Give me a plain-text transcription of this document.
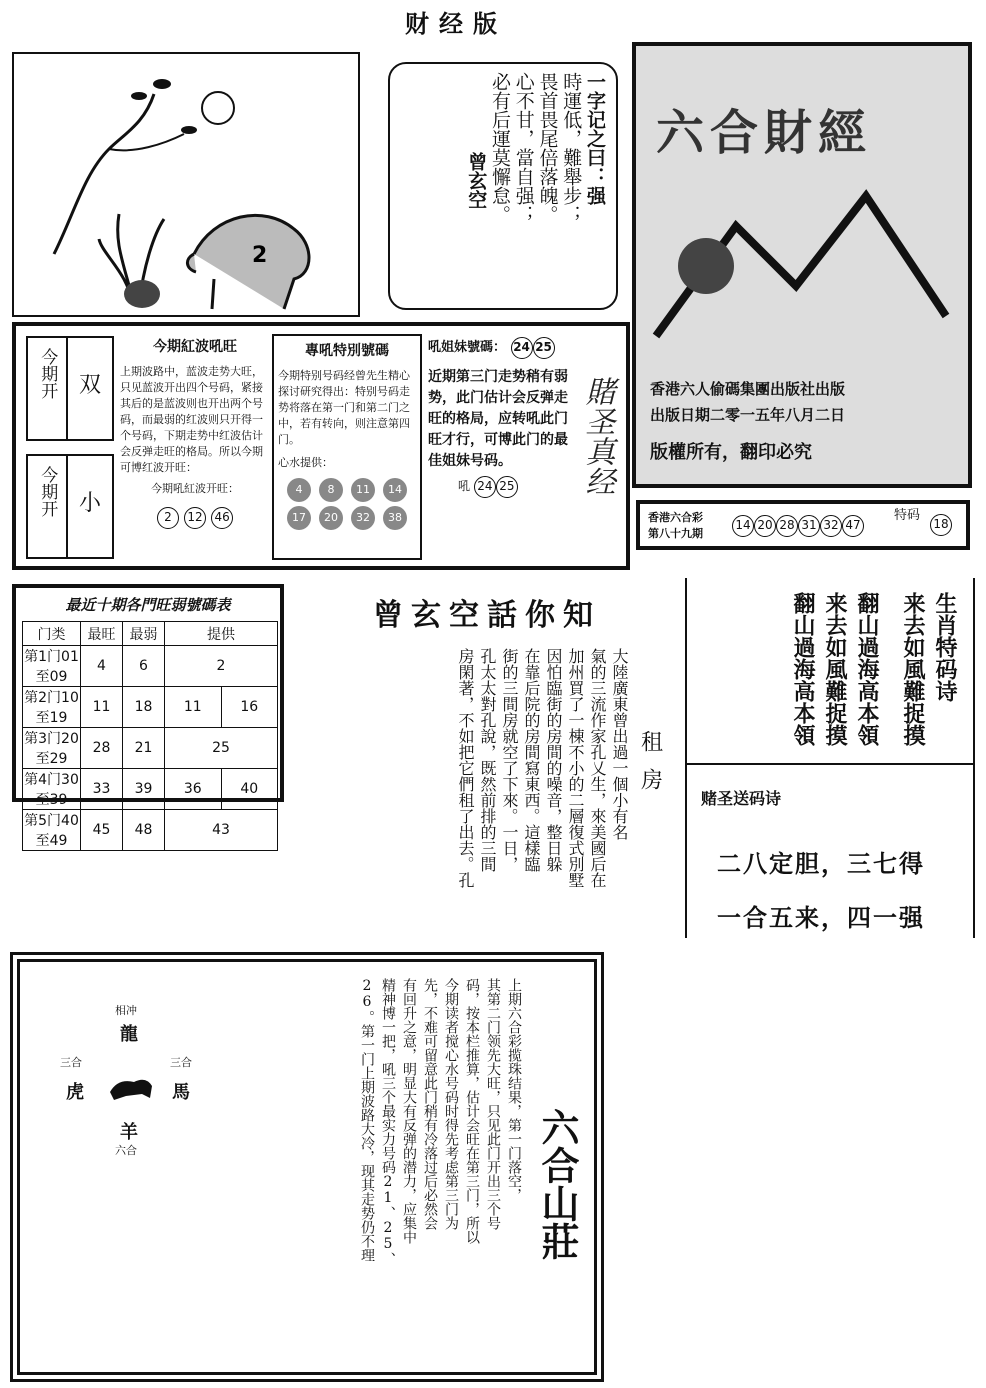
财经版
2
一字记之曰：强
時運低，難舉步；
畏首畏尾倍落魄。
心不甘，當自强；
必有后運莫懈怠。
曾玄空
六合財經
香港六人偷碼集團出版社出版
出版日期二零一五年八月二日
版權所有，翻印必究
香港六合彩
第八十九期
14 20 28 31 32 47
特码
18
今期开 双
今期开 小
今期紅波吼旺
上期波路中，蓝波走势大旺，只见蓝波开出四个号码，紧接其后的是蓝波则也开出两个号码，而最弱的红波则只开得一个号码，下期走势中红波估计会反弹走旺的格局。所以今期可博红波开旺：
今期吼紅波开旺：
2 12 46
專吼特別號碼
今期特别号码经曾先生精心探讨研究得出：特别号码走势将落在第一门和第二门之中，若有转向，则注意第四门。
心水提供：
4 8 11 14 17 20 32 38
吼姐妹號碼： 24 25
近期第三门走势稍有弱势，此门估计会反弹走旺的格局，应转吼此门旺才行，可博此门的最佳姐妹号码。
吼 24 25	賭圣真经
最近十期各門旺弱號碼表
门类	最旺	最弱	提供	
第1门01至09	4	6	2	
第2门10至19	11	18	11	16
第3门20至29	28	21	25	
第4门30至39	33	39	36	40
第5门40至49	45	48	43	
曾玄空話你知
大陸廣東曾出過一個小有名
氣的三流作家孔乂生，來美國后在
加州買了一棟不小的二層復式別墅
因怕臨街的房間的噪音，整日躲
在靠后院的房間寫東西。這樣臨
街的三間房就空了下來。一日，
孔太太對孔說，既然前排的三間
房閑著，不如把它們租了出去。孔	租房
生肖特码诗
来去如風難捉摸
翻山過海高本領
来去如風難捉摸
翻山過海高本領
赌圣送码诗
二八定胆，三七得
一合五来，四一强
相冲
龍
三合
虎
三合
馬
羊
六合	上期六合彩揽珠结果，第一门落空，
其第二门领先大旺，只见此门开出三个号
码，按本栏推算，估计会旺在第三门，所以
今期读者搅心水号码时得先考虑第三门为
先，不难可留意此门稍有冷落过后必然会
有回升之意，明显大有反弹的潜力，应集中
精神博一把，吼三个最实力号码21、25、
26。第一门上期波路大冷，现其走势仍不理	六合山莊
